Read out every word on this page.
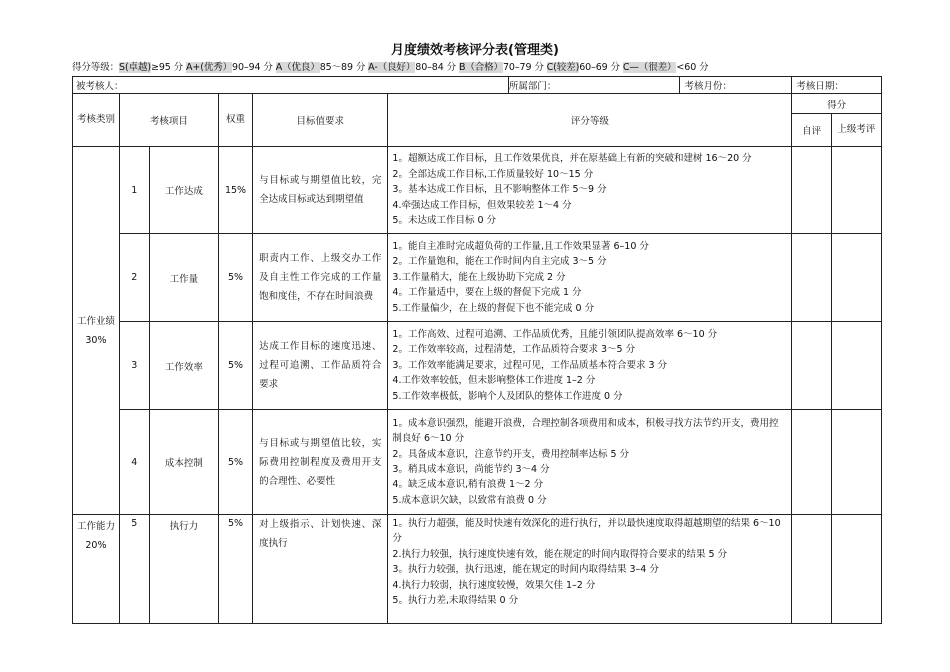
月度绩效考核评分表(管理类)
得分等级：S(卓越)≥95 分 A+(优秀）90–94 分 A（优良）85～89 分 A-（良好）80–84 分 B（合格）70–79 分 C(较差)60–69 分 C—（很差）<60 分
被考核人：						所属部门：	考核月份：	考核日期：	
考核类别	考核项目		权重	目标值要求	评分等级			得分	
								自评	上级考评
工作业绩30%	1	工作达成	15%	与目标或与期望值比较，完全达成目标或达到期望值	1。超额达成工作目标，且工作效果优良，并在原基础上有新的突破和建树 16～20 分
2。全部达成工作目标,工作质量较好 10～15 分
3。基本达成工作目标，且不影响整体工作 5～9 分
4.牵强达成工作目标，但效果较差 1～4 分
5。未达成工作目标 0 分				

	2	工作量	5%	职责内工作、上级交办工作及自主性工作完成的工作量饱和度佳，不存在时间浪费	1。能自主准时完成超负荷的工作量,且工作效果显著 6–10 分
2。工作量饱和，能在工作时间内自主完成 3～5 分
3.工作量稍大，能在上级协助下完成 2 分
4。工作量适中，要在上级的督促下完成 1 分
5.工作量偏少，在上级的督促下也不能完成 0 分				

	3	工作效率	5%	达成工作目标的速度迅速、过程可追溯、工作品质符合要求	1。工作高效、过程可追溯、工作品质优秀，且能引领团队提高效率 6～10 分
2。工作效率较高，过程清楚，工作品质符合要求 3～5 分
3。工作效率能满足要求，过程可见，工作品质基本符合要求 3 分
4.工作效率较低，但未影响整体工作进度 1–2 分
5.工作效率极低，影响个人及团队的整体工作进度 0 分				

	4	成本控制	5%	与目标或与期望值比较，实际费用控制程度及费用开支的合理性、必要性	1。成本意识强烈，能避开浪费，合理控制各项费用和成本，积极寻找方法节约开支，费用控制良好 6～10 分
2。具备成本意识，注意节约开支，费用控制率达标 5 分
3。稍具成本意识，尚能节约 3～4 分
4。缺乏成本意识,稍有浪费 1～2 分
5.成本意识欠缺，以致常有浪费 0 分				

工作能力20%	5	执行力	5%	对上级指示、计划快速、深度执行	1。执行力超强，能及时快速有效深化的进行执行，并以最快速度取得超越期望的结果 6～10 分
2.执行力较强，执行速度快速有效，能在规定的时间内取得符合要求的结果 5 分
3。执行力较强，执行迅速，能在规定的时间内取得结果 3–4 分
4.执行力较弱，执行速度较慢，效果欠佳 1–2 分
5。执行力差,未取得结果 0 分				
